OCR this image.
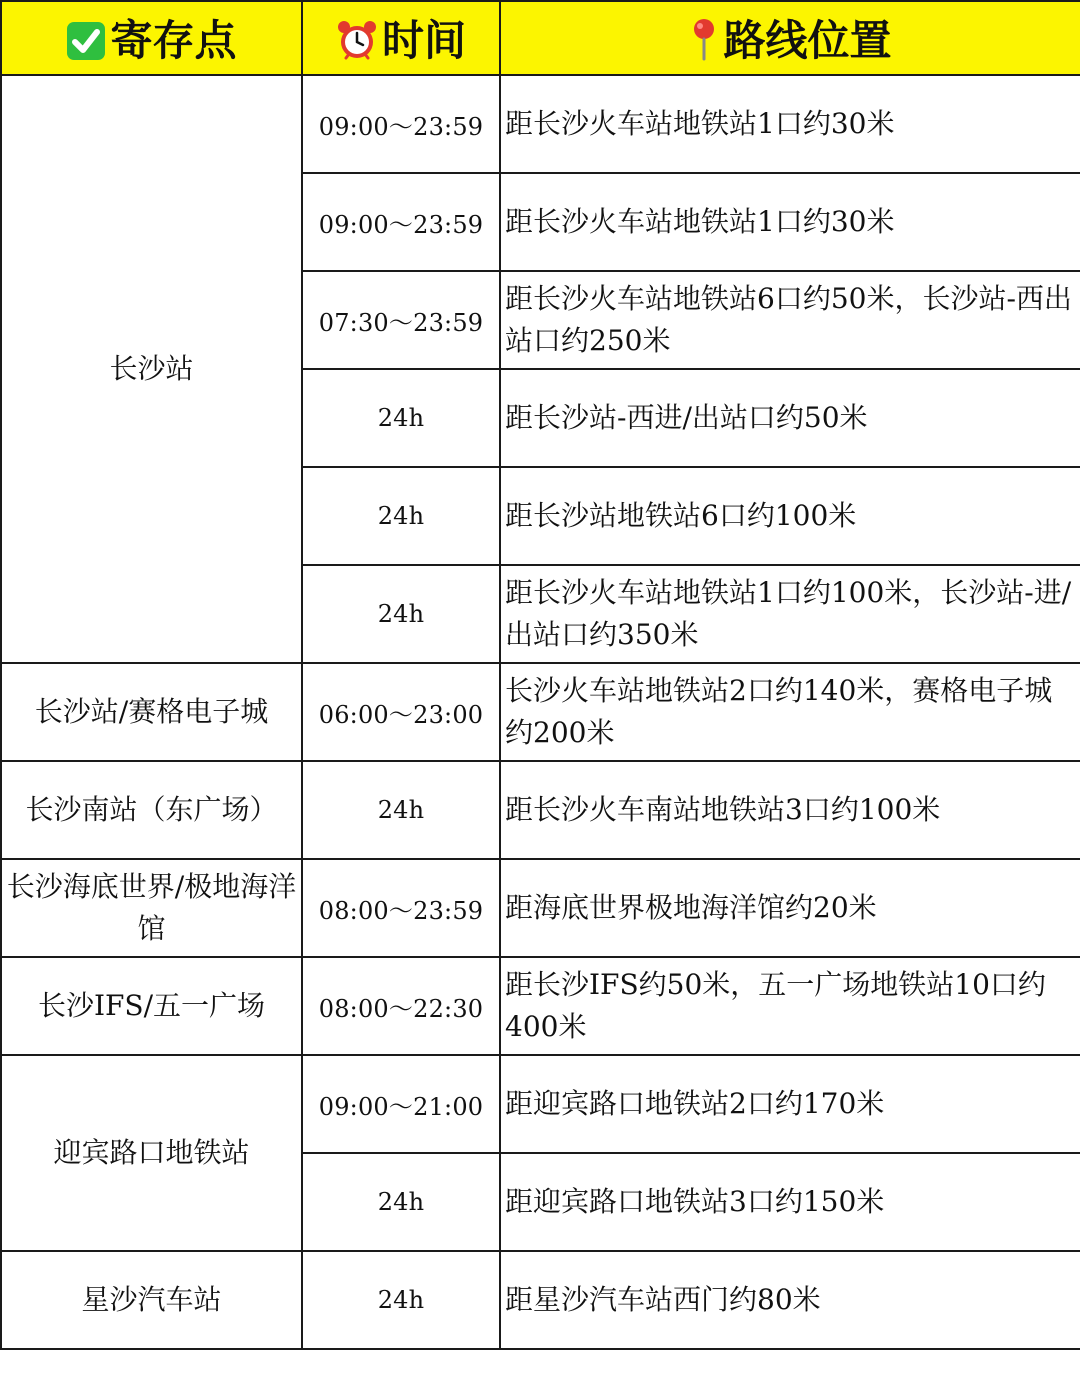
寄存点	时间	路线位置
长沙站	09:00～23:59	距长沙火车站地铁站1口约30米
	09:00～23:59	距长沙火车站地铁站1口约30米
	07:30～23:59	距长沙火车站地铁站6口约50米，长沙站-西出站口约250米
	24h	距长沙站-西进/出站口约50米
	24h	距长沙站地铁站6口约100米
	24h	距长沙火车站地铁站1口约100米，长沙站-进/出站口约350米
长沙站/赛格电子城	06:00～23:00	长沙火车站地铁站2口约140米，赛格电子城约200米
长沙南站（东广场）	24h	距长沙火车南站地铁站3口约100米
长沙海底世界/极地海洋馆	08:00～23:59	距海底世界极地海洋馆约20米
长沙IFS/五一广场	08:00～22:30	距长沙IFS约50米，五一广场地铁站10口约400米
迎宾路口地铁站	09:00～21:00	距迎宾路口地铁站2口约170米
	24h	距迎宾路口地铁站3口约150米
星沙汽车站	24h	距星沙汽车站西门约80米
